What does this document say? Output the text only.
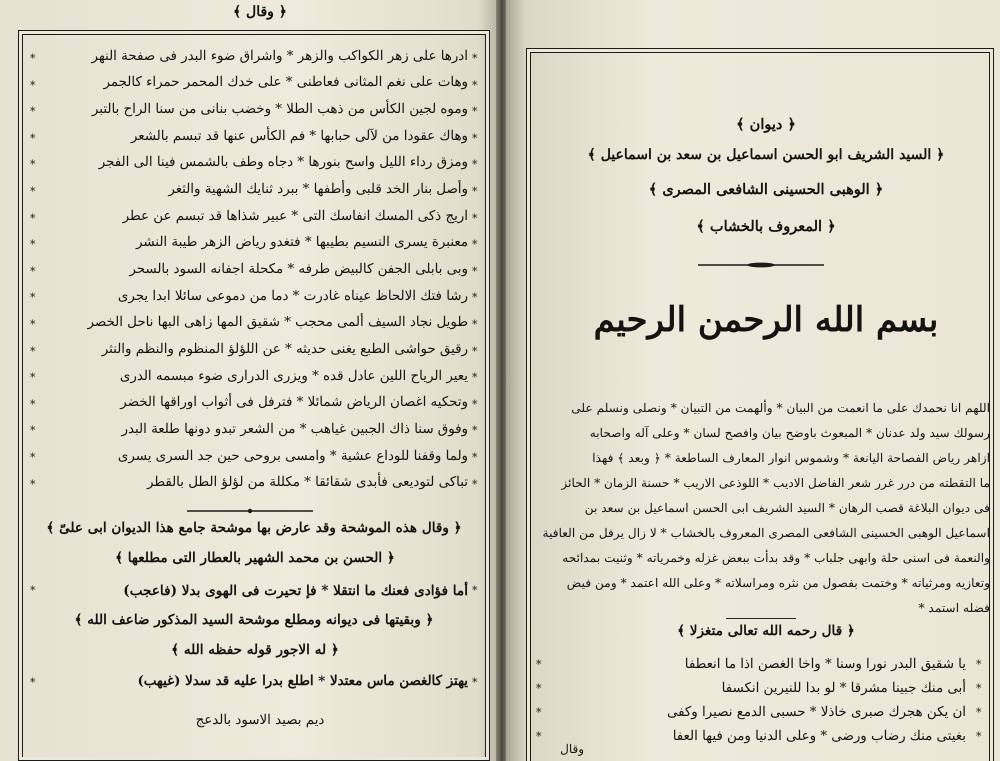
﴿ وقال ﴾
ادرها على زهر الكواكب والزهر * واشراق ضوء البدر فى صفحة النهر
وهات على نغم المثانى فعاطنى * على خدك المحمر حمراء كالجمر
وموه لجين الكأس من ذهب الطلا * وخضب بنانى من سنا الراح بالتبر
وهاك عقودا من لآلى حبابها * فم الكأس عنها قد تبسم بالشعر
ومزق رداء الليل واسح بنورها * دجاه وطف بالشمس فينا الى الفجر
وأصل بنار الخد قلبى وأطفها * ببرد ثنايك الشهية والثغر
اريج ذكى المسك انفاسك التى * عبير شذاها قد تبسم عن عطر
معنبرة يسرى النسيم بطيبها * فتغدو رياض الزهر طيبة النشر
وبى بابلى الجفن كالبيض طرفه * مكحلة اجفانه السود بالسحر
رشا فتك الالحاظ عيناه غادرت * دما من دموعى سائلا ابدا يجرى
طويل نجاد السيف ألمى محجب * شقيق المها زاهى البها ناحل الخصر
رقيق حواشى الطبع يغنى حديثه * عن اللؤلؤ المنظوم والنظم والنثر
يعير الرياح اللين عادل قده * ويزرى الدرارى ضوء مبسمه الدرى
وتحكيه اغصان الرياض شمائلا * فترفل فى أثواب اوراقها الخضر
وفوق سنا ذاك الجبين غياهب * من الشعر تبدو دونها طلعة البدر
ولما وقفنا للوداع عشية * وامسى بروحى حين جد السرى يسرى
تباكى لتوديعى فأبدى شقائقا * مكللة من لؤلؤ الطل بالقطر
*	*
*	*
*	*
*	*
*	*
*	*
*	*
*	*
*	*
*	*
*	*
*	*
*	*
*	*
*	*
*	*
*	*
*	*
*	*
﴿ وقال هذه الموشحة وقد عارض بها موشحة جامع هذا الديوان ابى علىّ ﴾
﴿ الحسن بن محمد الشهير بالعطار التى مطلعها ﴾
أما فؤادى فعنك ما انتقلا * فإ تحيرت فى الهوى بدلا (فاعجب)
﴿ وبقيتها فى ديوانه ومطلع موشحة السيد المذكور ضاعف الله ﴾
﴿ له الاجور قوله حفظه الله ﴾
يهتز كالغصن ماس معتدلا * اطلع بدرا عليه قد سدلا (غيهب)
ديم بصيد الاسود بالدعج
﴿ ديوان ﴾
﴿ السيد الشريف ابو الحسن اسماعيل بن سعد بن اسماعيل ﴾
﴿ الوهبى الحسينى الشافعى المصرى ﴾
﴿ المعروف بالخشاب ﴾
بسم الله الرحمن الرحيم
اللهم انا نحمدك على ما انعمت من البيان * وألهمت من التبيان * ونصلى ونسلم على
رسولك سيد ولد عدنان * المبعوث باوضح بيان وافصح لسان * وعلى آله واصحابه
ازاهر رياض الفصاحة اليانعة * وشموس انوار المعارف الساطعة * ﴿ وبعد ﴾ فهذا
ما التقطته من درر غرر شعر الفاضل الاديب * اللوذعى الاريب * حسنة الزمان * الحائز
فى ديوان البلاغة قصب الرهان * السيد الشريف ابى الحسن اسماعيل بن سعد بن
اسماعيل الوهبى الحسينى الشافعى المصرى المعروف بالخشاب * لا زال يرفل من العافية
والنعمة فى اسنى حلة وابهى جلباب * وقد بدأت ببعض غزله وخمرياته * وثنيت بمدائحه
وتعازيه ومرثياته * وختمت بفصول من نثره ومراسلاته * وعلى الله اعتمد * ومن فيض
فضله استمد *
﴿ قال رحمه الله تعالى متغزلا ﴾
يا شقيق البدر نورا وسنا * واخا الغصن اذا ما انعطفا
أبى منك جبينا مشرقا * لو بدا للنيرين انكسفا
ان يكن هجرك صبرى خاذلا * حسبى الدمع نصيرا وكفى
بغيتى منك رضاب ورضى * وعلى الدنيا ومن فيها العفا
*	*
*	*
*	*
*	*
وقال
